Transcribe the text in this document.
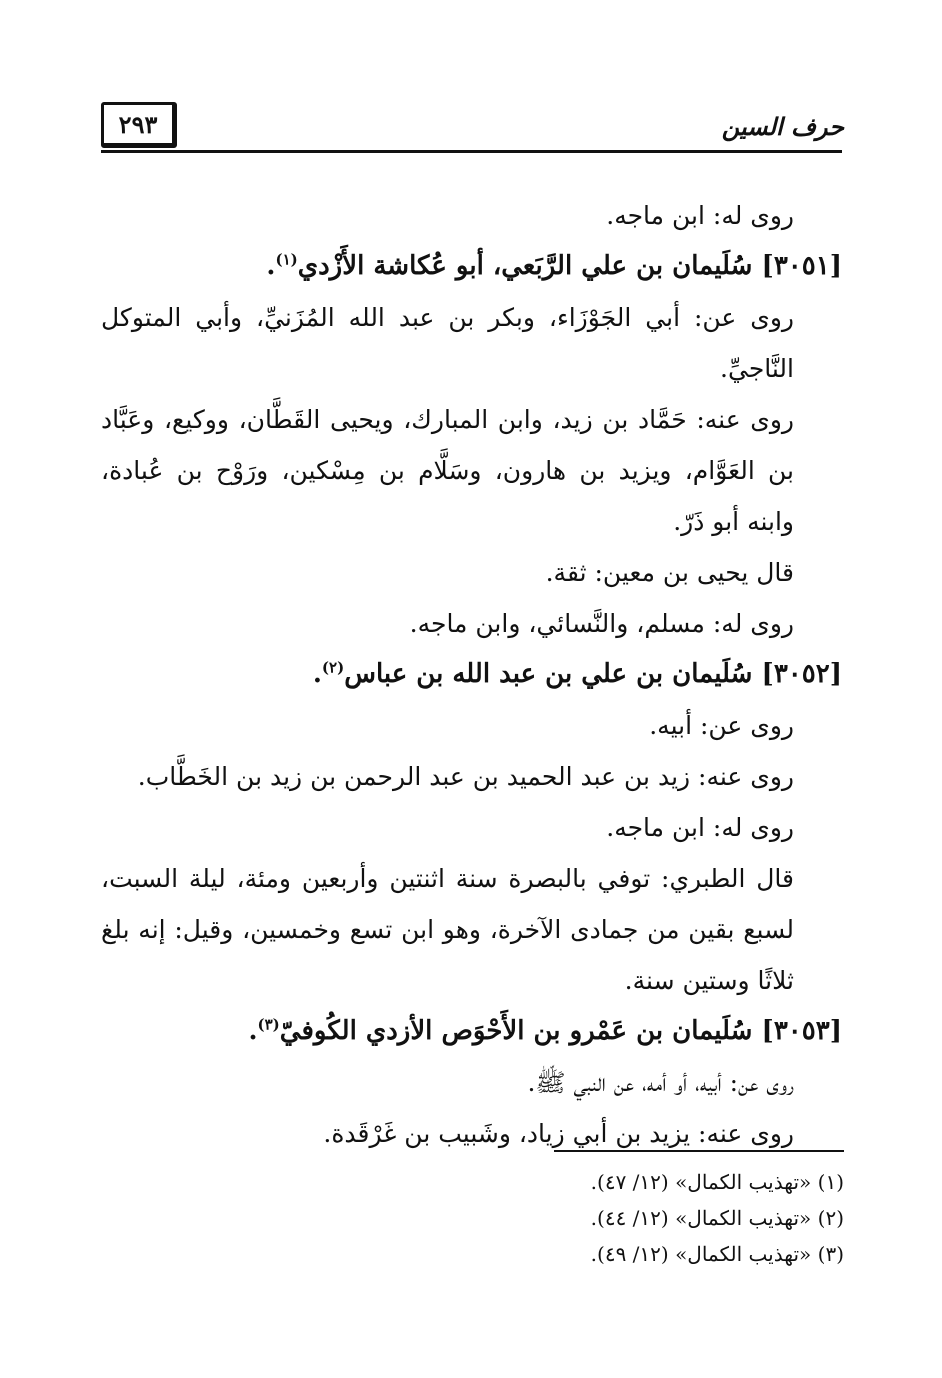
٢٩٣	حرف السين

روى له: ابن ماجه.

[٣٠٥١] سُلَيمان بن علي الرَّبَعي، أبو عُكاشة الأَزْدي$^{(١)}$.

روى عن: أبي الجَوْزَاء، وبكر بن عبد الله المُزَنيِّ، وأبي المتوكل النَّاجيِّ.

روى عنه: حَمَّاد بن زيد، وابن المبارك، ويحيى القَطَّان، ووكيع، وعَبَّاد بن العَوَّام، ويزيد بن هارون، وسَلَّام بن مِسْكين، ورَوْح بن عُبادة، وابنه أبو ذَرّ.

قال يحيى بن معين: ثقة.

روى له: مسلم، والنَّسائي، وابن ماجه.

[٣٠٥٢] سُلَيمان بن علي بن عبد الله بن عباس$^{(٢)}$.

روى عن: أبيه.

روى عنه: زيد بن عبد الحميد بن عبد الرحمن بن زيد بن الخَطَّاب.

روى له: ابن ماجه.

قال الطبري: توفي بالبصرة سنة اثنتين وأربعين ومئة، ليلة السبت، لسبع بقين من جمادى الآخرة، وهو ابن تسع وخمسين، وقيل: إنه بلغ ثلاثًا وستين سنة.

[٣٠٥٣] سُلَيمان بن عَمْرو بن الأَحْوَص الأزدي الكُوفيّ$^{(٣)}$.

روى عن: أبيه، أو أمه، عن النبي ﷺ.

روى عنه: يزيد بن أبي زياد، وشَبيب بن غَرْقَدة.

(١) «تهذيب الكمال» (١٢/ ٤٧).

(٢) «تهذيب الكمال» (١٢/ ٤٤).

(٣) «تهذيب الكمال» (١٢/ ٤٩).
